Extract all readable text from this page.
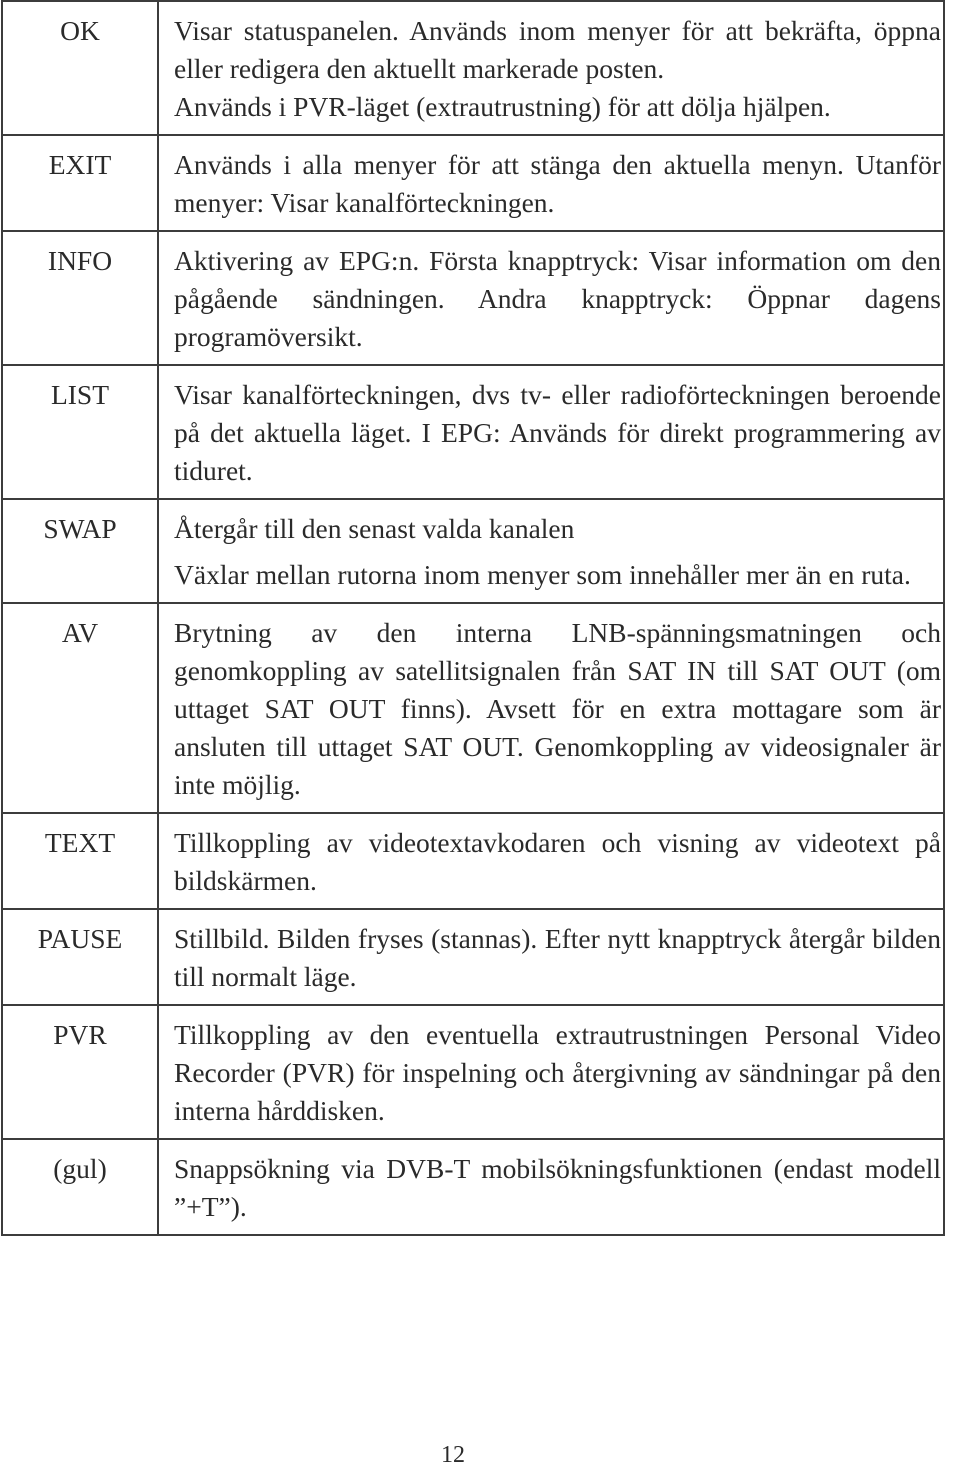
OK	Visar statuspanelen. Används inom menyer för att bekräfta, öppna eller redigera den aktuellt markerade posten.
Används i PVR-läget (extrautrustning) för att dölja hjälpen.

EXIT	Används i alla menyer för att stänga den aktuella menyn. Utanför menyer: Visar kanalförteckningen.

INFO	Aktivering av EPG:n. Första knapptryck: Visar information om den pågående sändningen. Andra knapptryck: Öppnar dagens programöversikt.

LIST	Visar kanalförteckningen, dvs tv- eller radioförteckningen beroende på det aktuella läget. I EPG: Används för direkt programmering av tiduret.

SWAP	Återgår till den senast valda kanalen
Växlar mellan rutorna inom menyer som innehåller mer än en ruta.

AV	Brytning av den interna LNB-spänningsmatningen och genomkoppling av satellitsignalen från SAT IN till SAT OUT (om uttaget SAT OUT finns). Avsett för en extra mottagare som är ansluten till uttaget SAT OUT. Genomkoppling av videosignaler är inte möjlig.

TEXT	Tillkoppling av videotextavkodaren och visning av videotext på bildskärmen.

PAUSE	Stillbild. Bilden fryses (stannas). Efter nytt knapptryck återgår bilden till normalt läge.

PVR	Tillkoppling av den eventuella extrautrustningen Personal Video Recorder (PVR) för inspelning och återgivning av sändningar på den interna hårddisken.

(gul)	Snappsökning via DVB-T mobilsökningsfunktionen (endast modell ”+T”).
12
